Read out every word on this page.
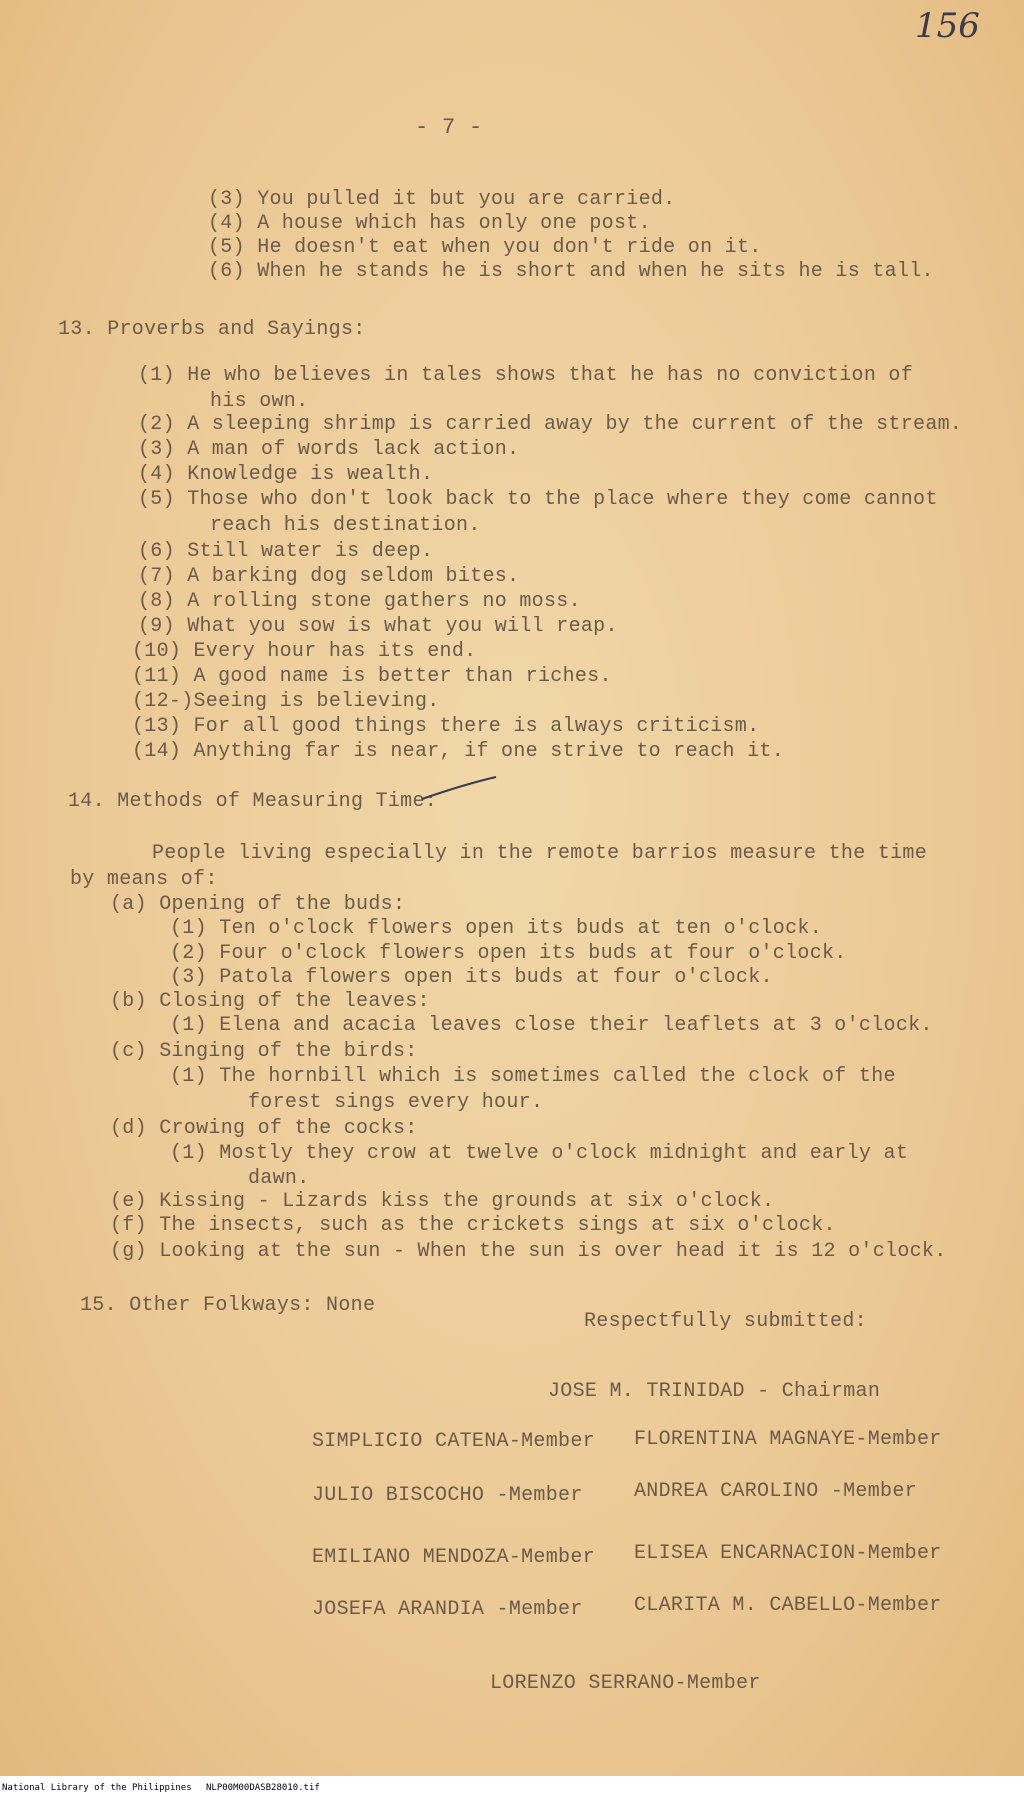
156
- 7 -
(3) You pulled it but you are carried.
(4) A house which has only one post.
(5) He doesn't eat when you don't ride on it.
(6) When he stands he is short and when he sits he is tall.
13. Proverbs and Sayings:
(1) He who believes in tales shows that he has no conviction of
his own.
(2) A sleeping shrimp is carried away by the current of the stream.
(3) A man of words lack action.
(4) Knowledge is wealth.
(5) Those who don't look back to the place where they come cannot
reach his destination.
(6) Still water is deep.
(7) A barking dog seldom bites.
(8) A rolling stone gathers no moss.
(9) What you sow is what you will reap.
(10) Every hour has its end.
(11) A good name is better than riches.
(12-)Seeing is believing.
(13) For all good things there is always criticism.
(14) Anything far is near, if one strive to reach it.
14. Methods of Measuring Time:
People living especially in the remote barrios measure the time
by means of:
(a) Opening of the buds:
(1) Ten o'clock flowers open its buds at ten o'clock.
(2) Four o'clock flowers open its buds at four o'clock.
(3) Patola flowers open its buds at four o'clock.
(b) Closing of the leaves:
(1) Elena and acacia leaves close their leaflets at 3 o'clock.
(c) Singing of the birds:
(1) The hornbill which is sometimes called the clock of the
forest sings every hour.
(d) Crowing of the cocks:
(1) Mostly they crow at twelve o'clock midnight and early at
dawn.
(e) Kissing - Lizards kiss the grounds at six o'clock.
(f) The insects, such as the crickets sings at six o'clock.
(g) Looking at the sun - When the sun is over head it is 12 o'clock.
15. Other Folkways: None
Respectfully submitted:
JOSE M. TRINIDAD - Chairman
SIMPLICIO CATENA-Member FLORENTINA MAGNAYE-Member
JULIO BISCOCHO -Member	ANDREA CAROLINO -Member
EMILIANO MENDOZA-Member ELISEA ENCARNACION-Member
JOSEFA ARANDIA -Member	CLARITA M. CABELLO-Member
LORENZO SERRANO-Member
National Library of the Philippines NLP00M00DASB28010.tif
